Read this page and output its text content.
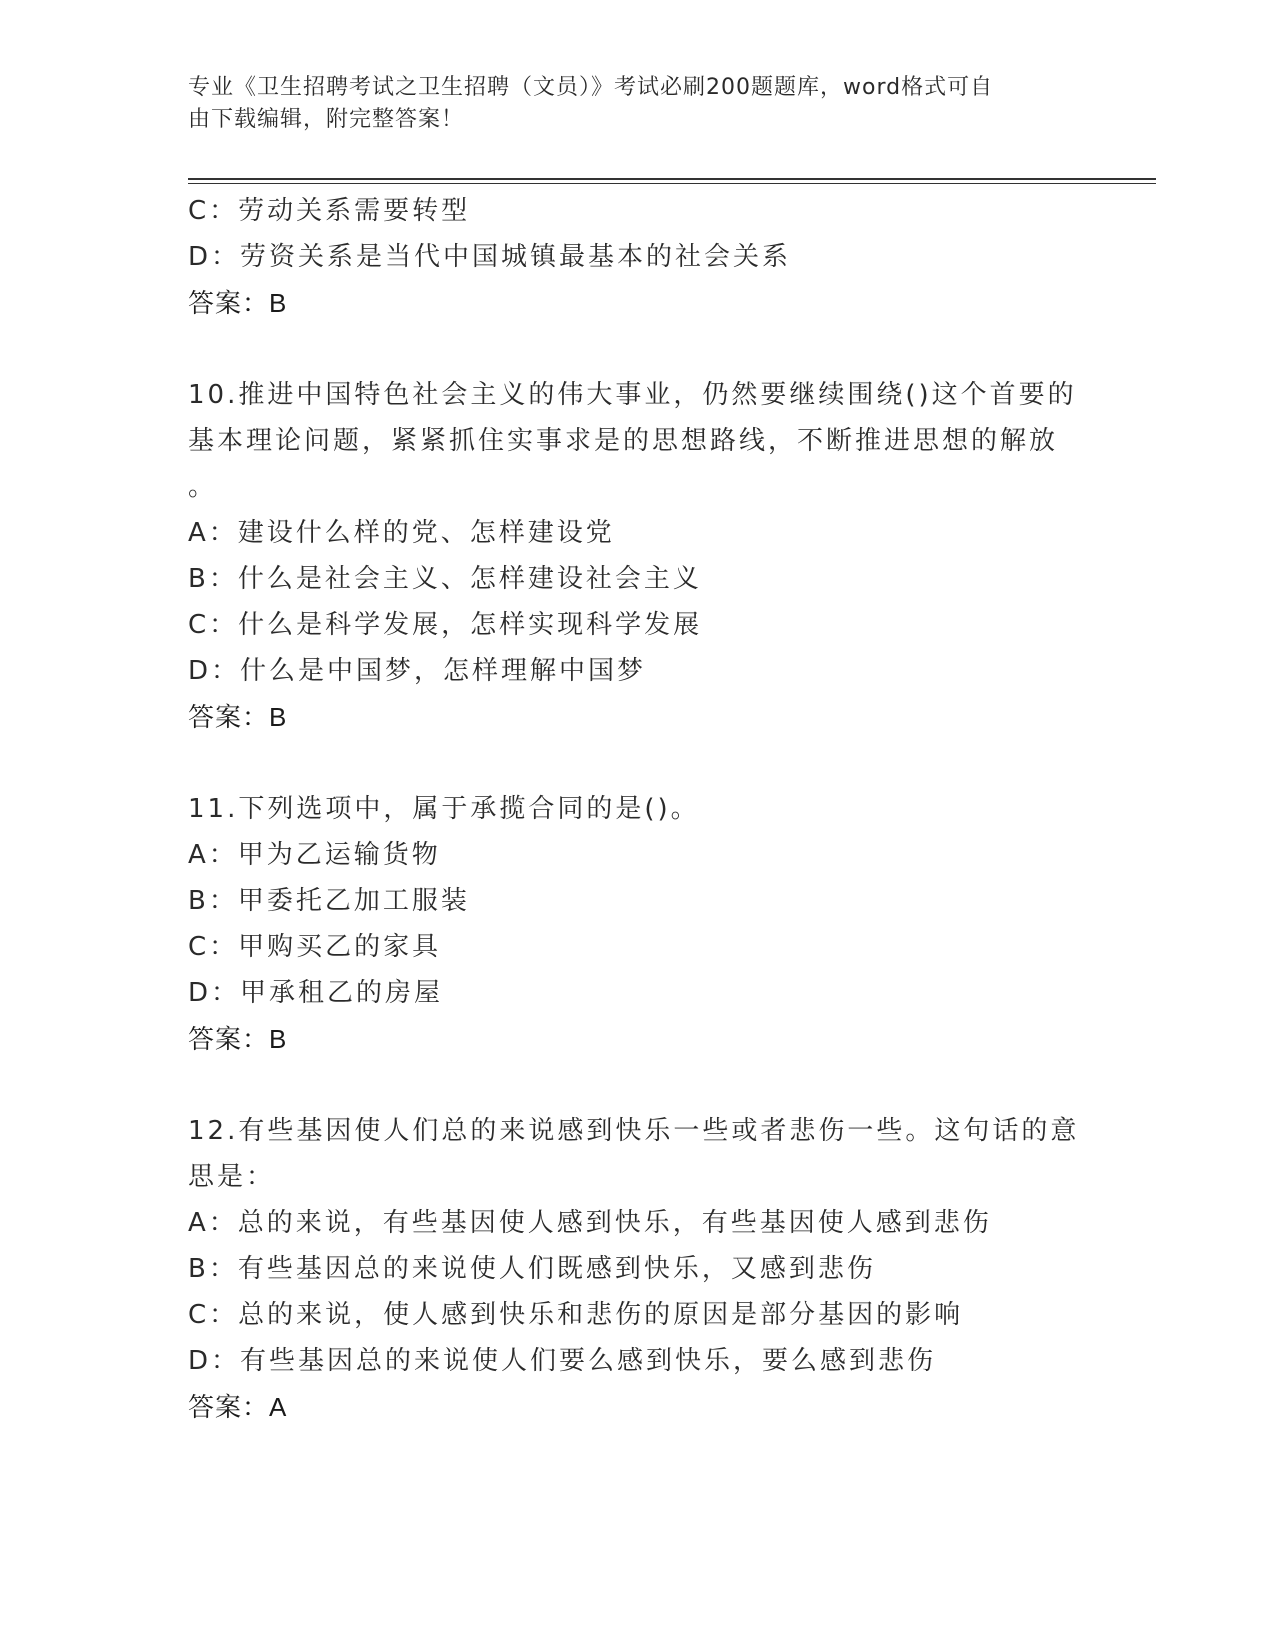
专业《卫生招聘考试之卫生招聘（文员）》考试必刷200题题库，word格式可自
由下载编辑，附完整答案！
C：劳动关系需要转型
D：劳资关系是当代中国城镇最基本的社会关系
答案：B
10.推进中国特色社会主义的伟大事业，仍然要继续围绕()这个首要的
基本理论问题，紧紧抓住实事求是的思想路线，不断推进思想的解放
。
A：建设什么样的党、怎样建设党
B：什么是社会主义、怎样建设社会主义
C：什么是科学发展，怎样实现科学发展
D：什么是中国梦，怎样理解中国梦
答案：B
11.下列选项中，属于承揽合同的是()。
A：甲为乙运输货物
B：甲委托乙加工服装
C：甲购买乙的家具
D：甲承租乙的房屋
答案：B
12.有些基因使人们总的来说感到快乐一些或者悲伤一些。这句话的意
思是：
A：总的来说，有些基因使人感到快乐，有些基因使人感到悲伤
B：有些基因总的来说使人们既感到快乐，又感到悲伤
C：总的来说，使人感到快乐和悲伤的原因是部分基因的影响
D：有些基因总的来说使人们要么感到快乐，要么感到悲伤
答案：A
